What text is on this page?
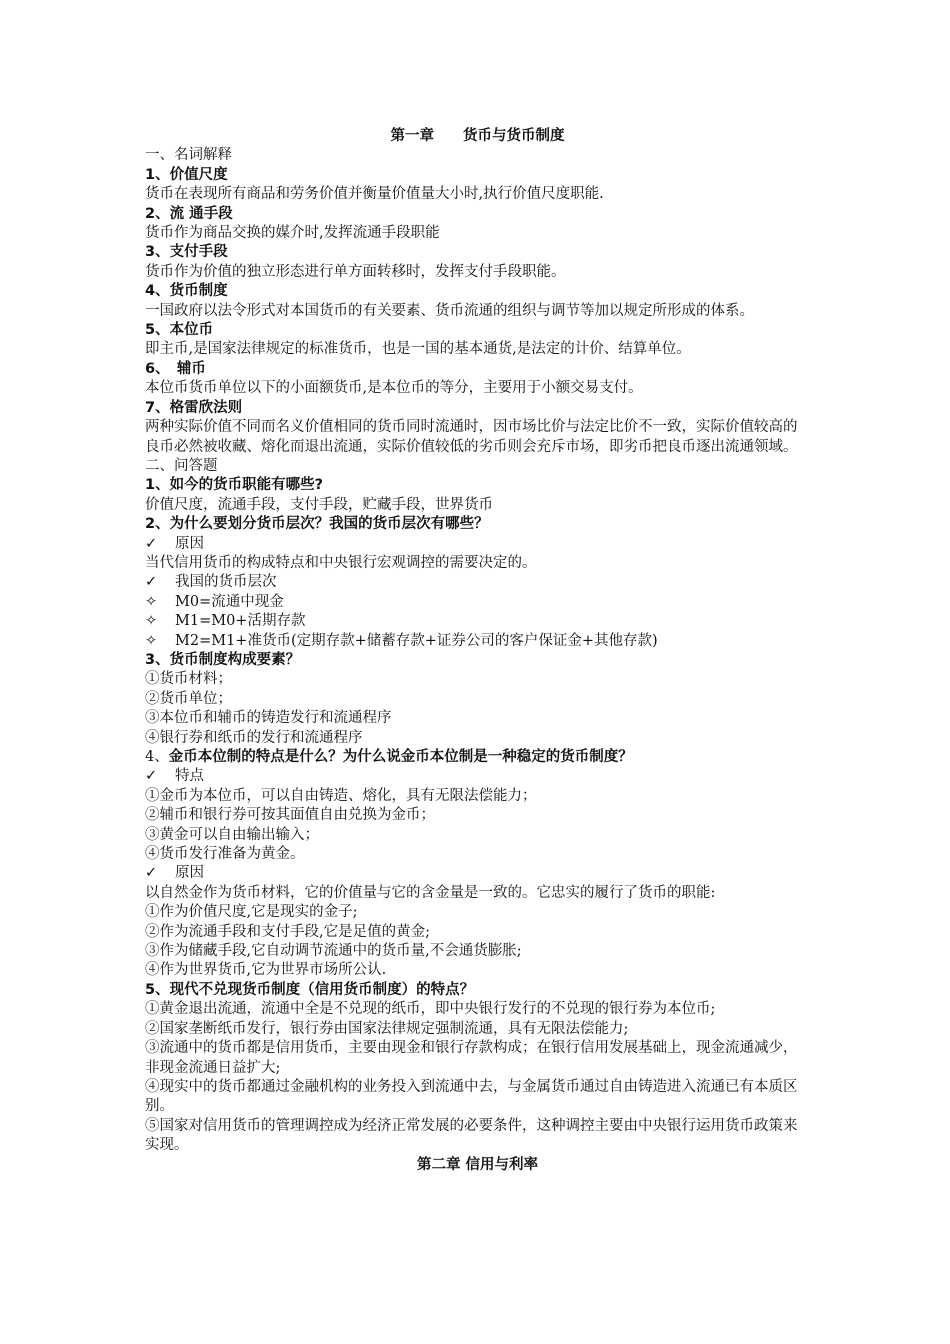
第一章　　货币与货币制度
一、名词解释
1、价值尺度
货币在表现所有商品和劳务价值并衡量价值量大小时,执行价值尺度职能.
2、流 通手段
货币作为商品交换的媒介时,发挥流通手段职能
3、支付手段
货币作为价值的独立形态进行单方面转移时，发挥支付手段职能。
4、货币制度
一国政府以法令形式对本国货币的有关要素、货币流通的组织与调节等加以规定所形成的体系。
5、本位币
即主币,是国家法律规定的标准货币，也是一国的基本通货,是法定的计价、结算单位。
6、　辅币
本位币货币单位以下的小面额货币,是本位币的等分，主要用于小额交易支付。
7、格雷欣法则
两种实际价值不同而名义价值相同的货币同时流通时，因市场比价与法定比价不一致，实际价值较高的良币必然被收藏、熔化而退出流通，实际价值较低的劣币则会充斥市场，即劣币把良币逐出流通领域。
二、问答题
1、如今的货币职能有哪些?
价值尺度，流通手段，支付手段，贮藏手段，世界货币
2、为什么要划分货币层次？我国的货币层次有哪些？
✓ 原因
当代信用货币的构成特点和中央银行宏观调控的需要决定的。
✓ 我国的货币层次
✧ M0=流通中现金
✧ M1=M0+活期存款
✧ M2=M1+准货币(定期存款+储蓄存款+证券公司的客户保证金+其他存款)
3、货币制度构成要素？
①货币材料；
②货币单位；
③本位币和辅币的铸造发行和流通程序
④银行券和纸币的发行和流通程序
4、金币本位制的特点是什么？为什么说金币本位制是一种稳定的货币制度？
✓ 特点
①金币为本位币，可以自由铸造、熔化，具有无限法偿能力；
②辅币和银行券可按其面值自由兑换为金币；
③黄金可以自由输出输入；
④货币发行准备为黄金。
✓ 原因
以自然金作为货币材料，它的价值量与它的含金量是一致的。它忠实的履行了货币的职能:
①作为价值尺度,它是现实的金子;
②作为流通手段和支付手段,它是足值的黄金;
③作为储藏手段,它自动调节流通中的货币量,不会通货膨胀;
④作为世界货币,它为世界市场所公认.
5、现代不兑现货币制度（信用货币制度）的特点？
①黄金退出流通，流通中全是不兑现的纸币，即中央银行发行的不兑现的银行券为本位币;
②国家垄断纸币发行，银行券由国家法律规定强制流通，具有无限法偿能力;
③流通中的货币都是信用货币，主要由现金和银行存款构成；在银行信用发展基础上，现金流通减少，非现金流通日益扩大;
④现实中的货币都通过金融机构的业务投入到流通中去，与金属货币通过自由铸造进入流通已有本质区别。
⑤国家对信用货币的管理调控成为经济正常发展的必要条件，这种调控主要由中央银行运用货币政策来实现。
第二章 信用与利率
